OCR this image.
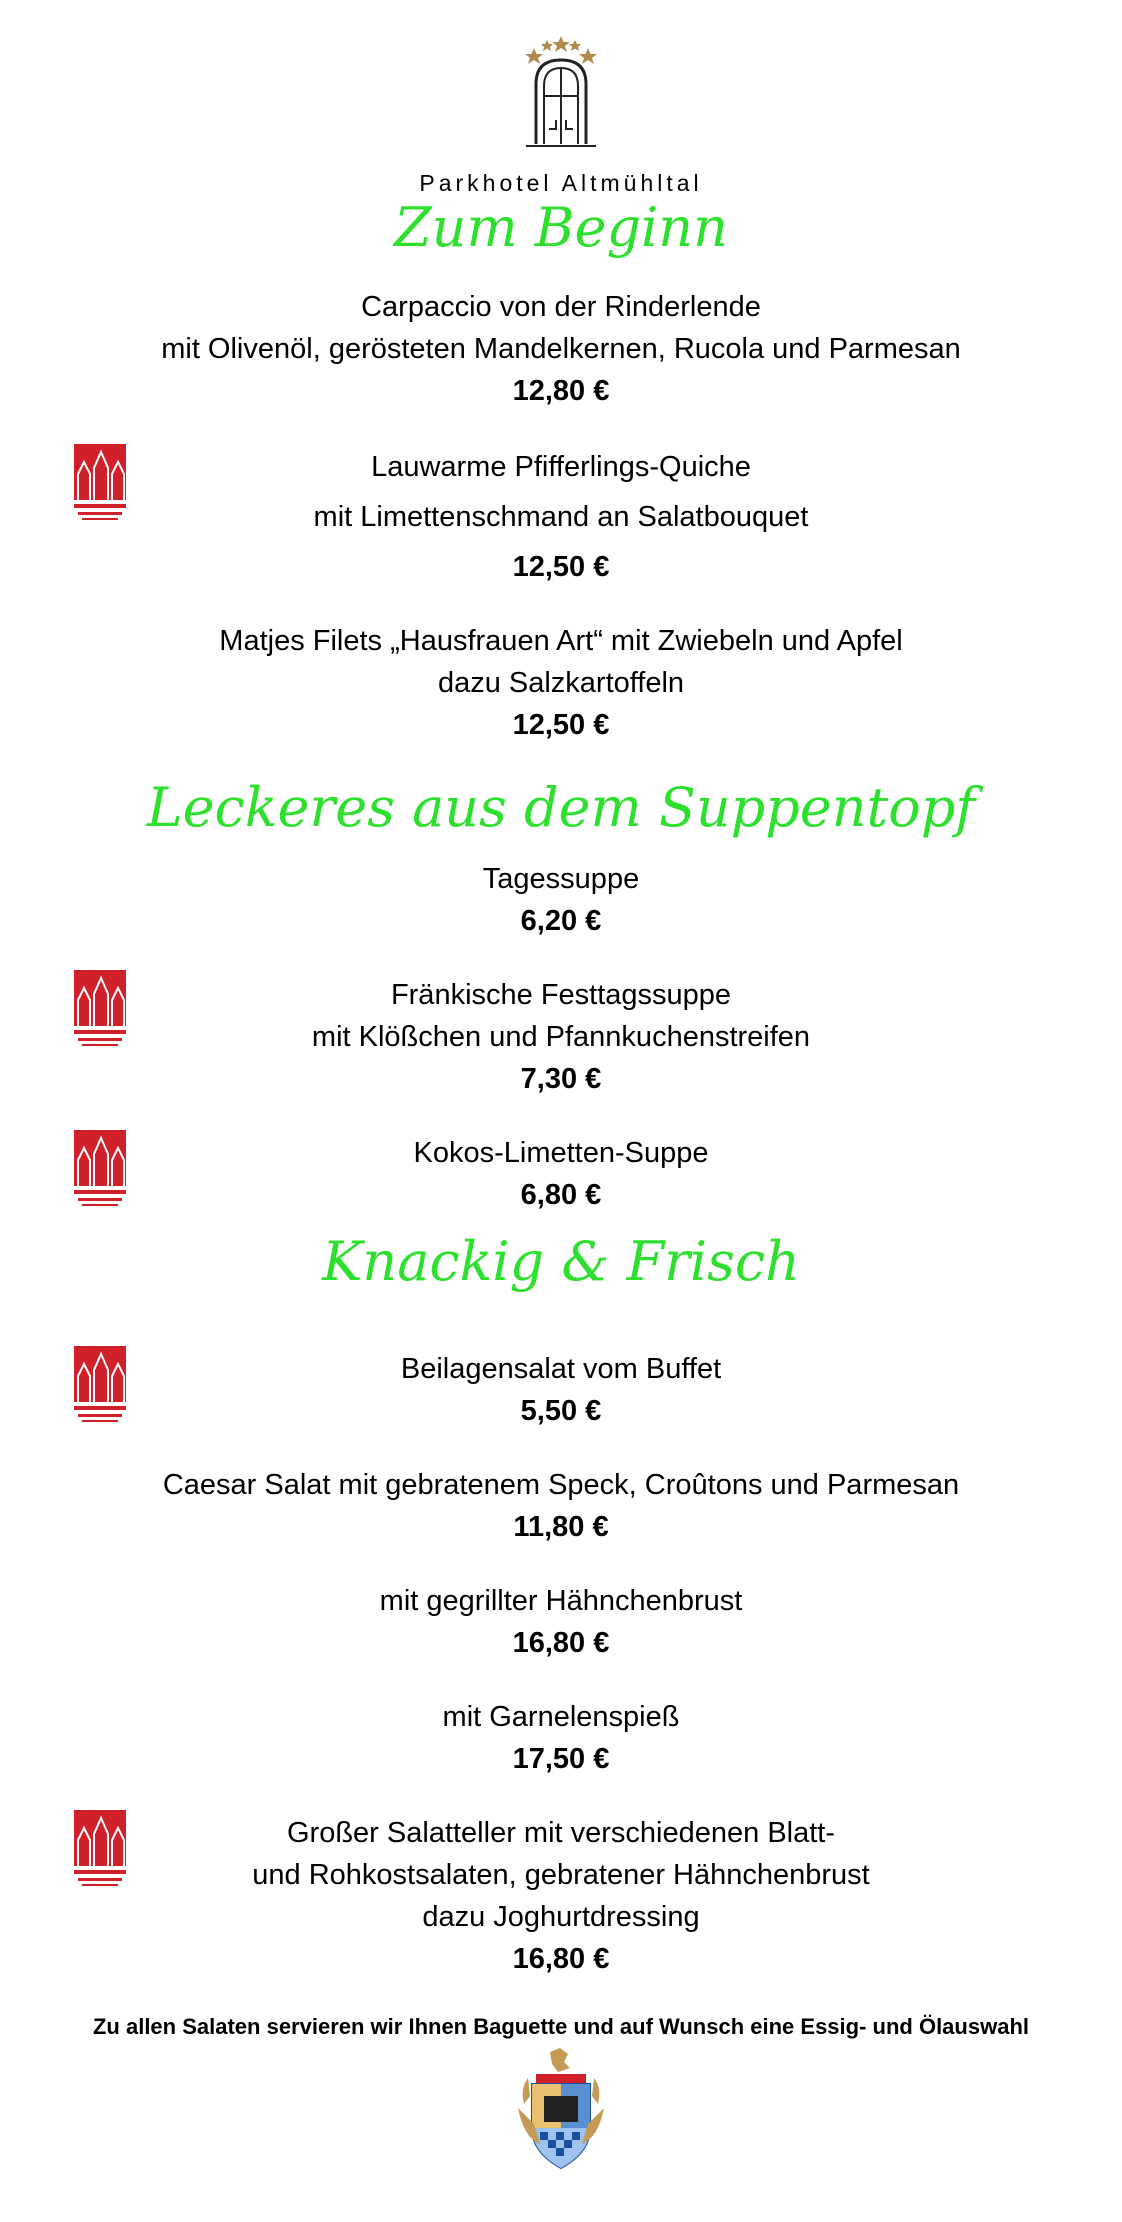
Parkhotel Altmühltal
Zum Beginn
Carpaccio von der Rinderlende
mit Olivenöl, gerösteten Mandelkernen, Rucola und Parmesan
12,80 €
Lauwarme Pfifferlings-Quiche
mit Limettenschmand an Salatbouquet
12,50 €
Matjes Filets „Hausfrauen Art“ mit Zwiebeln und Apfel
dazu Salzkartoffeln
12,50 €
Leckeres aus dem Suppentopf
Tagessuppe
6,20 €
Fränkische Festtagssuppe
mit Klößchen und Pfannkuchenstreifen
7,30 €
Kokos-Limetten-Suppe
6,80 €
Knackig & Frisch
Beilagensalat vom Buffet
5,50 €
Caesar Salat mit gebratenem Speck, Croûtons und Parmesan
11,80 €
mit gegrillter Hähnchenbrust
16,80 €
mit Garnelenspieß
17,50 €
Großer Salatteller mit verschiedenen Blatt-
und Rohkostsalaten, gebratener Hähnchenbrust
dazu Joghurtdressing
16,80 €
Zu allen Salaten servieren wir Ihnen Baguette und auf Wunsch eine Essig- und Ölauswahl
